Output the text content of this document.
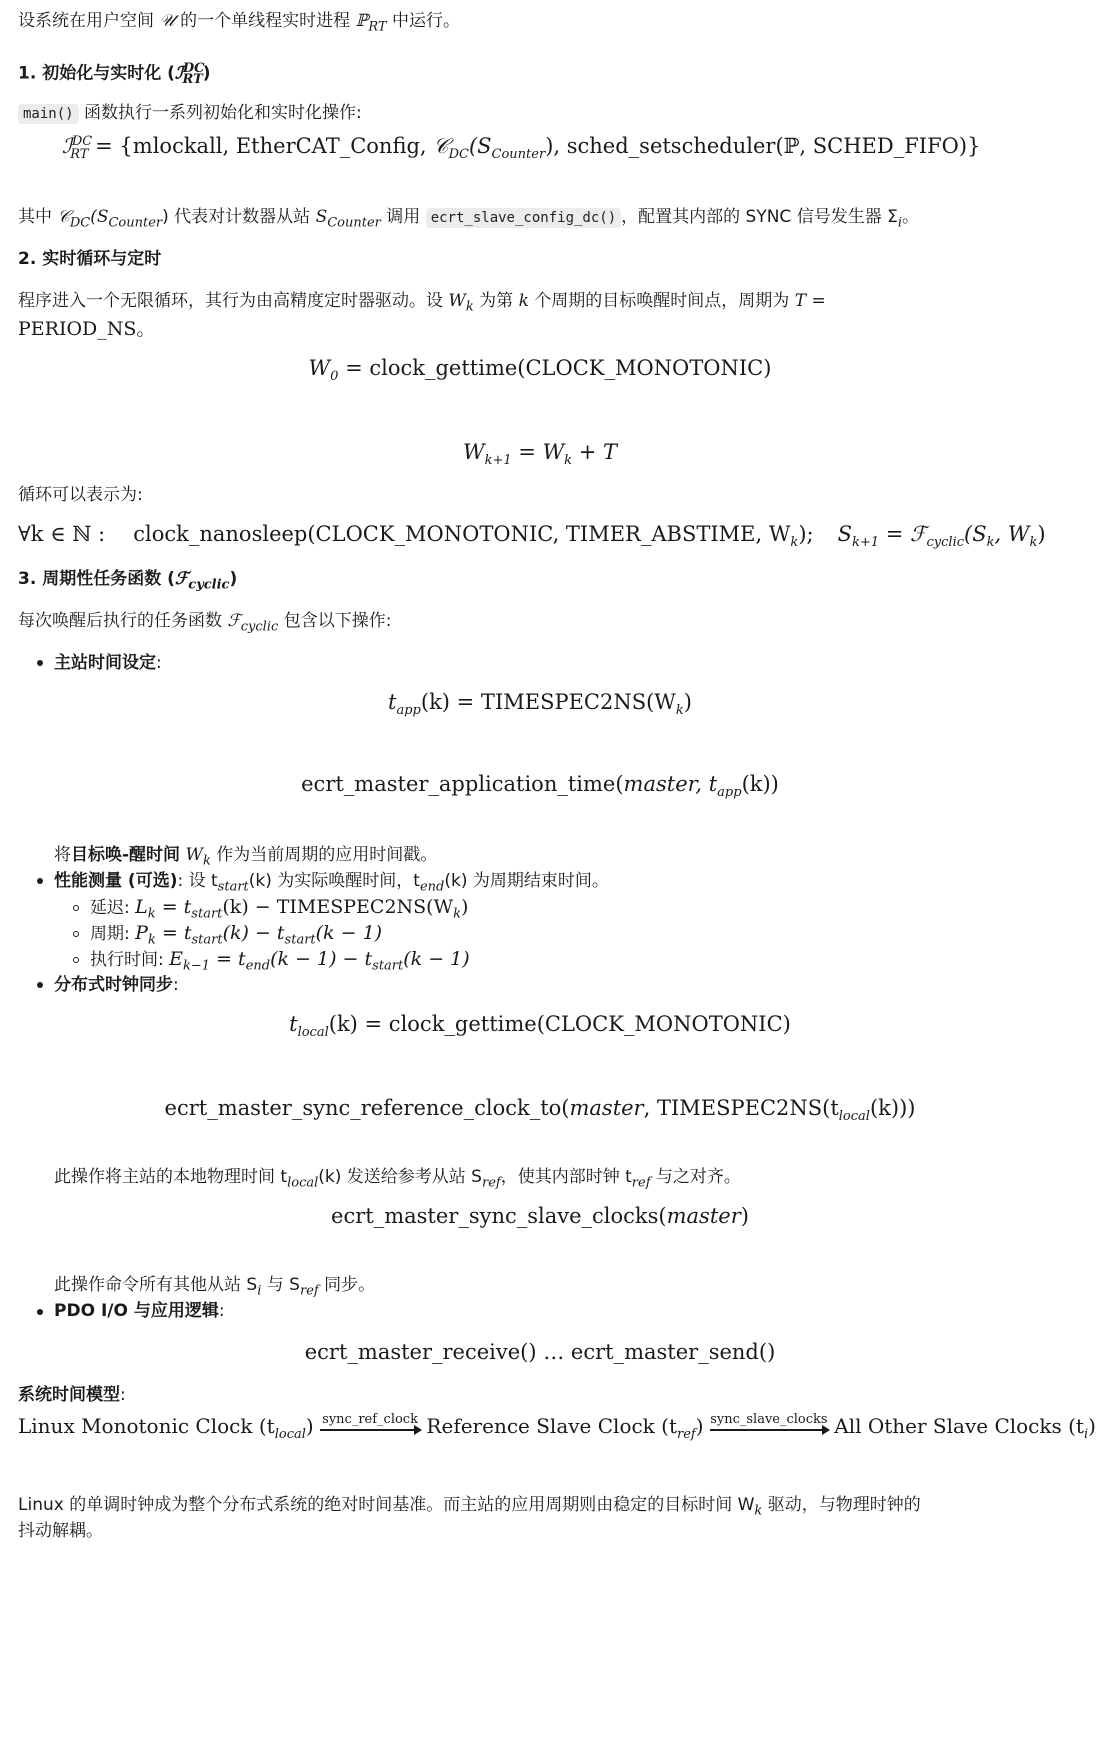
设系统在用户空间 𝒰 的一个单线程实时进程 ℙ$_{RT}$ 中运行。
1. 初始化与实时化 (ℐ$^{DC}_{RT}$)
main() 函数执行一系列初始化和实时化操作:
ℐ$^{DC}_{RT}$ = {mlockall, EtherCAT_Config, $𝒞_{DC}(S_{Counter})$, sched_setscheduler(ℙ, SCHED_FIFO)}
其中 $𝒞_{DC}(S_{Counter})$ 代表对计数器从站 $S_{Counter}$ 调用 ecrt_slave_config_dc() ，配置其内部的 SYNC 信号发生器 $\Sigma_i$。
2. 实时循环与定时
程序进入一个无限循环，其行为由高精度定时器驱动。设 $W_k$ 为第 k 个周期的目标唤醒时间点，周期为 T =
PERIOD_NS。
$W_0$ = clock_gettime(CLOCK_MONOTONIC)
$W_{k+1} = W_k + T$
循环可以表示为:
∀k ∈ ℕ : clock_nanosleep(CLOCK_MONOTONIC, TIMER_ABSTIME, $W_k$); $S_{k+1}$ = $ℱ_{cyclic}(S_k$, $W_k$)
3. 周期性任务函数 (ℱ$_{cyclic}$)
每次唤醒后执行的任务函数 ℱ$_{cyclic}$ 包含以下操作:
主站时间设定:
$t_{app}(k)$ = $TIMESPEC2NS(W_k)$
ecrt_master_application_time(master, $t_{app}(k)$)
将目标唤-醒时间 $W_k$ 作为当前周期的应用时间戳。
性能测量 (可选): 设 $t_{start}(k)$ 为实际唤醒时间，$t_{end}(k)$ 为周期结束时间。
延迟: $L_k = t_{start}(k)$ − $TIMESPEC2NS(W_k)$
周期: $P_k = t_{start}(k) - t_{start}(k - 1)$
执行时间: $E_{k-1} = t_{end}(k - 1) - t_{start}(k - 1)$
分布式时钟同步:
$t_{local}(k)$ = clock_gettime(CLOCK_MONOTONIC)
ecrt_master_sync_reference_clock_to(master, $TIMESPEC2NS(t_{local}(k))$)
此操作将主站的本地物理时间 $t_{local}(k)$ 发送给参考从站 $S_{ref}$，使其内部时钟 $t_{ref}$ 与之对齐。
ecrt_master_sync_slave_clocks(master)
此操作命令所有其他从站 $S_i$ 与 $S_{ref}$ 同步。
PDO I/O 与应用逻辑:
ecrt_master_receive() … ecrt_master_send()
系统时间模型:
Linux Monotonic Clock $(t_{local})$ sync_ref_clock Reference Slave Clock $(t_{ref})$ sync_slave_clocks All Other Slave Clocks $(t_i)$
Linux 的单调时钟成为整个分布式系统的绝对时间基准。而主站的应用周期则由稳定的目标时间 $W_k$ 驱动，与物理时钟的
抖动解耦。
